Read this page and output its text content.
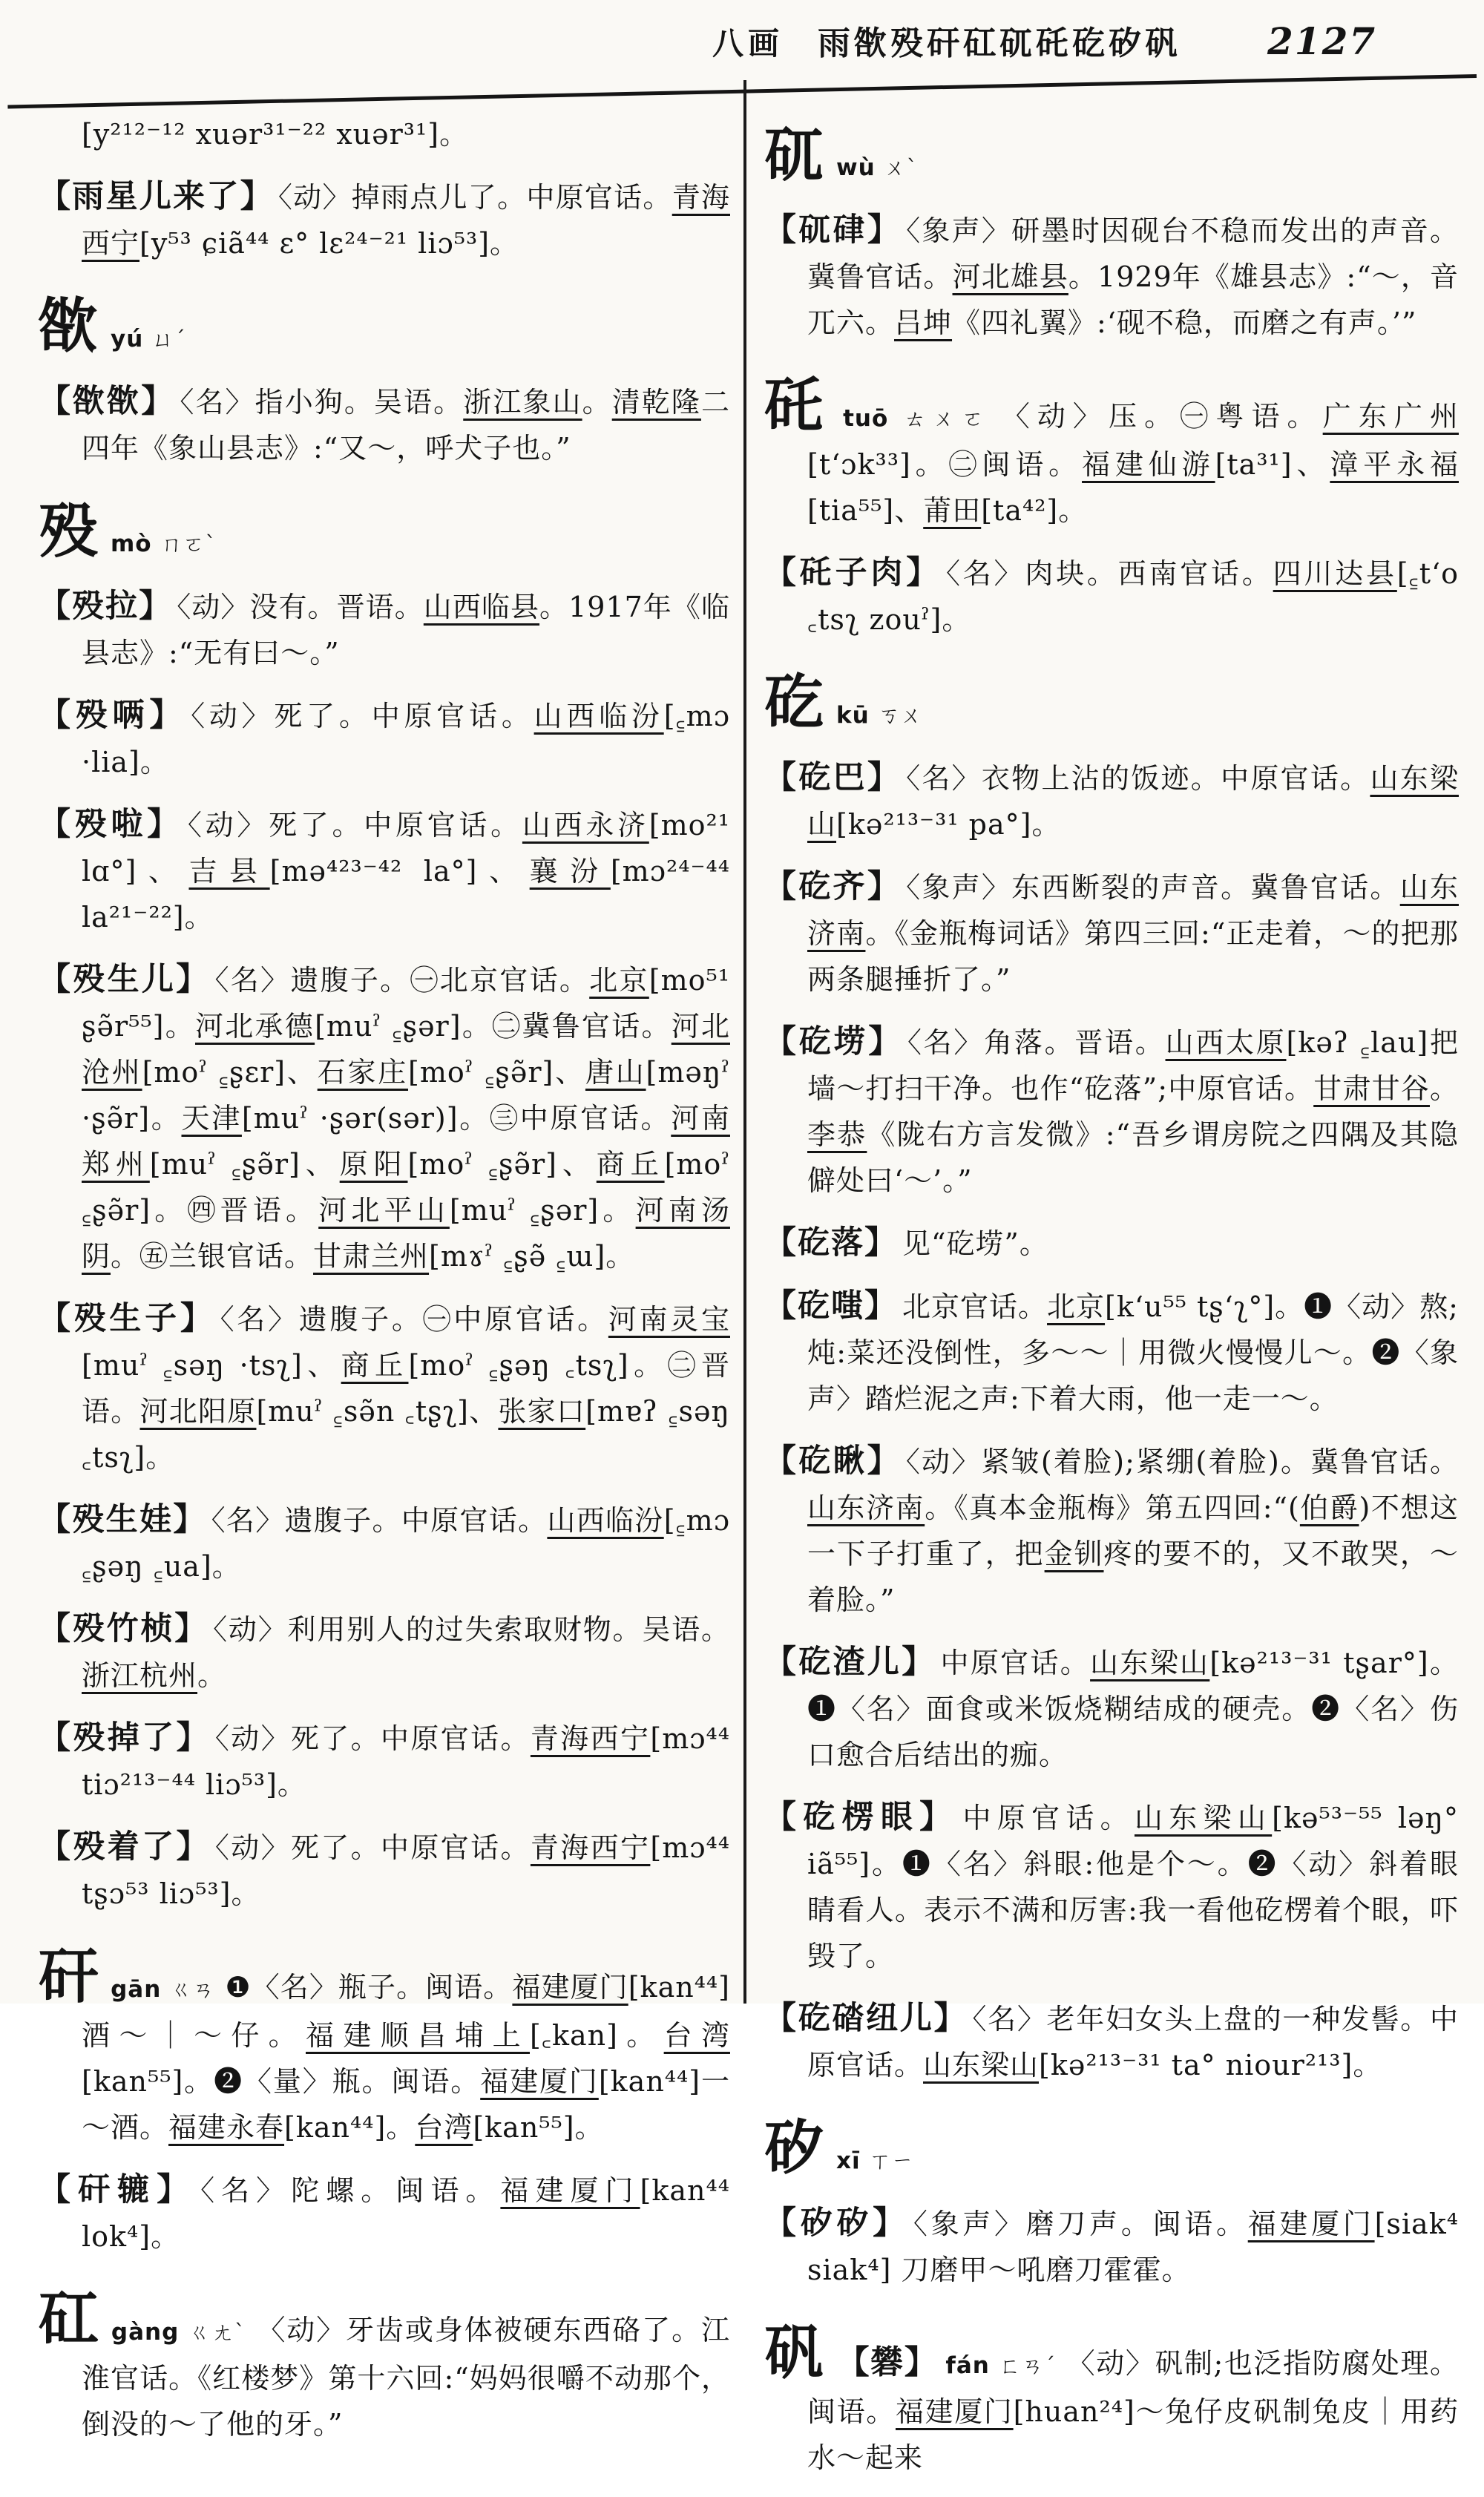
八画 雨㰶殁矸矼矹矺矻矽矾 2127
[y²¹²⁻¹² xuər³¹⁻²² xuər³¹]。
【雨星儿来了】 〈动〉掉雨点儿了。中原官话。青海西宁[y⁵³ ɕiã⁴⁴ ɛ° lɛ²⁴⁻²¹ liɔ⁵³]。
㰶yú ㄩˊ
【㰶㰶】 〈名〉指小狗。吴语。浙江象山。清乾隆二四年《象山县志》:“又～，呼犬子也。”
殁mò ㄇㄛˋ
【殁拉】 〈动〉没有。晋语。山西临县。1917年《临县志》:“无有曰～。”
【殁唡】 〈动〉死了。中原官话。山西临汾[꜁mɔ ·lia]。
【殁啦】 〈动〉死了。中原官话。山西永济[mo²¹ lɑ°]、吉县[mə⁴²³⁻⁴² la°]、襄汾[mɔ²⁴⁻⁴⁴ la²¹⁻²²]。
【殁生儿】 〈名〉遗腹子。㊀北京官话。北京[mo⁵¹ ʂə̃r⁵⁵]。河北承德[muˀ ꜁ʂər]。㊁冀鲁官话。河北沧州[moˀ ꜁ʂɛr]、石家庄[moˀ ꜁ʂə̃r]、唐山[məŋˀ ·ʂə̃r]。天津[muˀ ·ʂər(sər)]。㊂中原官话。河南郑州[muˀ ꜁ʂə̃r]、原阳[moˀ ꜁ʂə̃r]、商丘[moˀ ꜁ʂə̃r]。㊃晋语。河北平山[muˀ ꜁ʂər]。河南汤阴。㊄兰银官话。甘肃兰州[mɤˀ ꜁ʂə̃ ꜁ɯ]。
【殁生子】 〈名〉遗腹子。㊀中原官话。河南灵宝[muˀ ꜁səŋ ·tsʅ]、商丘[moˀ ꜁ʂəŋ ꜀tsʅ]。㊁晋语。河北阳原[muˀ ꜁sə̃n ꜀tʂʅ]、张家口[mɐʔ ꜁səŋ ꜀tsʅ]。
【殁生娃】 〈名〉遗腹子。中原官话。山西临汾[꜁mɔ ꜁ʂəŋ ꜁ua]。
【殁竹桢】 〈动〉利用别人的过失索取财物。吴语。浙江杭州。
【殁掉了】 〈动〉死了。中原官话。青海西宁[mɔ⁴⁴ tiɔ²¹³⁻⁴⁴ liɔ⁵³]。
【殁着了】 〈动〉死了。中原官话。青海西宁[mɔ⁴⁴ tʂɔ⁵³ liɔ⁵³]。
矸gān ㄍㄢ ❶〈名〉瓶子。闽语。福建厦门[kan⁴⁴] 酒～｜～仔。福建顺昌埔上[꜀kan]。台湾[kan⁵⁵]。❷〈量〉瓶。闽语。福建厦门[kan⁴⁴]一～酒。福建永春[kan⁴⁴]。台湾[kan⁵⁵]。
【矸辘】 〈名〉陀螺。闽语。福建厦门[kan⁴⁴ lok⁴]。
矼gàng ㄍㄤˋ 〈动〉牙齿或身体被硬东西硌了。江淮官话。《红楼梦》第十六回:“妈妈很嚼不动那个，倒没的～了他的牙。”
矹wù ㄨˋ
【矹硉】 〈象声〉研墨时因砚台不稳而发出的声音。冀鲁官话。河北雄县。1929年《雄县志》:“～，音兀六。吕坤《四礼翼》:‘砚不稳，而磨之有声。’”
矺tuō ㄊㄨㄛ 〈动〉压。㊀粤语。广东广州[tʻɔk³³]。㊁闽语。福建仙游[ta³¹]、漳平永福[tia⁵⁵]、莆田[ta⁴²]。
【矺子肉】 〈名〉肉块。西南官话。四川达县[꜁tʻo ꜀tsʅ zouˀ]。
矻kū ㄎㄨ
【矻巴】 〈名〉衣物上沾的饭迹。中原官话。山东梁山[kə²¹³⁻³¹ pa°]。
【矻齐】 〈象声〉东西断裂的声音。冀鲁官话。山东济南。《金瓶梅词话》第四三回:“正走着，～的把那两条腿捶折了。”
【矻𫭼】 〈名〉角落。晋语。山西太原[kəʔ ꜁lau]把墙～打扫干净。也作“矻落”;中原官话。甘肃甘谷。李恭《陇右方言发微》:“吾乡谓房院之四隅及其隐僻处曰‘～’。”
【矻落】 见“矻𫭼”。
【矻嗤】 北京官话。北京[kʻu⁵⁵ tʂʻʅ°]。❶〈动〉熬;炖:菜还没倒性，多～～｜用微火慢慢儿～。❷〈象声〉踏烂泥之声:下着大雨，他一走一～。
【矻瞅】 〈动〉紧皱(着脸);紧绷(着脸)。冀鲁官话。山东济南。《真本金瓶梅》第五四回:“(伯爵)不想这一下子打重了，把金钏疼的要不的，又不敢哭，～着脸。”
【矻渣儿】 中原官话。山东梁山[kə²¹³⁻³¹ tʂar°]。❶〈名〉面食或米饭烧糊结成的硬壳。❷〈名〉伤口愈合后结出的痂。
【矻楞眼】 中原官话。山东梁山[kə⁵³⁻⁵⁵ ləŋ° iã⁵⁵]。❶〈名〉斜眼:他是个～。❷〈动〉斜着眼睛看人。表示不满和厉害:我一看他矻楞着个眼，吓毁了。
【矻䂿纽儿】 〈名〉老年妇女头上盘的一种发髻。中原官话。山东梁山[kə²¹³⁻³¹ ta° niour²¹³]。
矽xī ㄒㄧ
【矽矽】 〈象声〉磨刀声。闽语。福建厦门[siak⁴ siak⁴] 刀磨甲～吼磨刀霍霍。
矾 【礬】 fán ㄈㄢˊ 〈动〉矾制;也泛指防腐处理。闽语。福建厦门[huan²⁴]～兔仔皮矾制兔皮｜用药 水～起来
